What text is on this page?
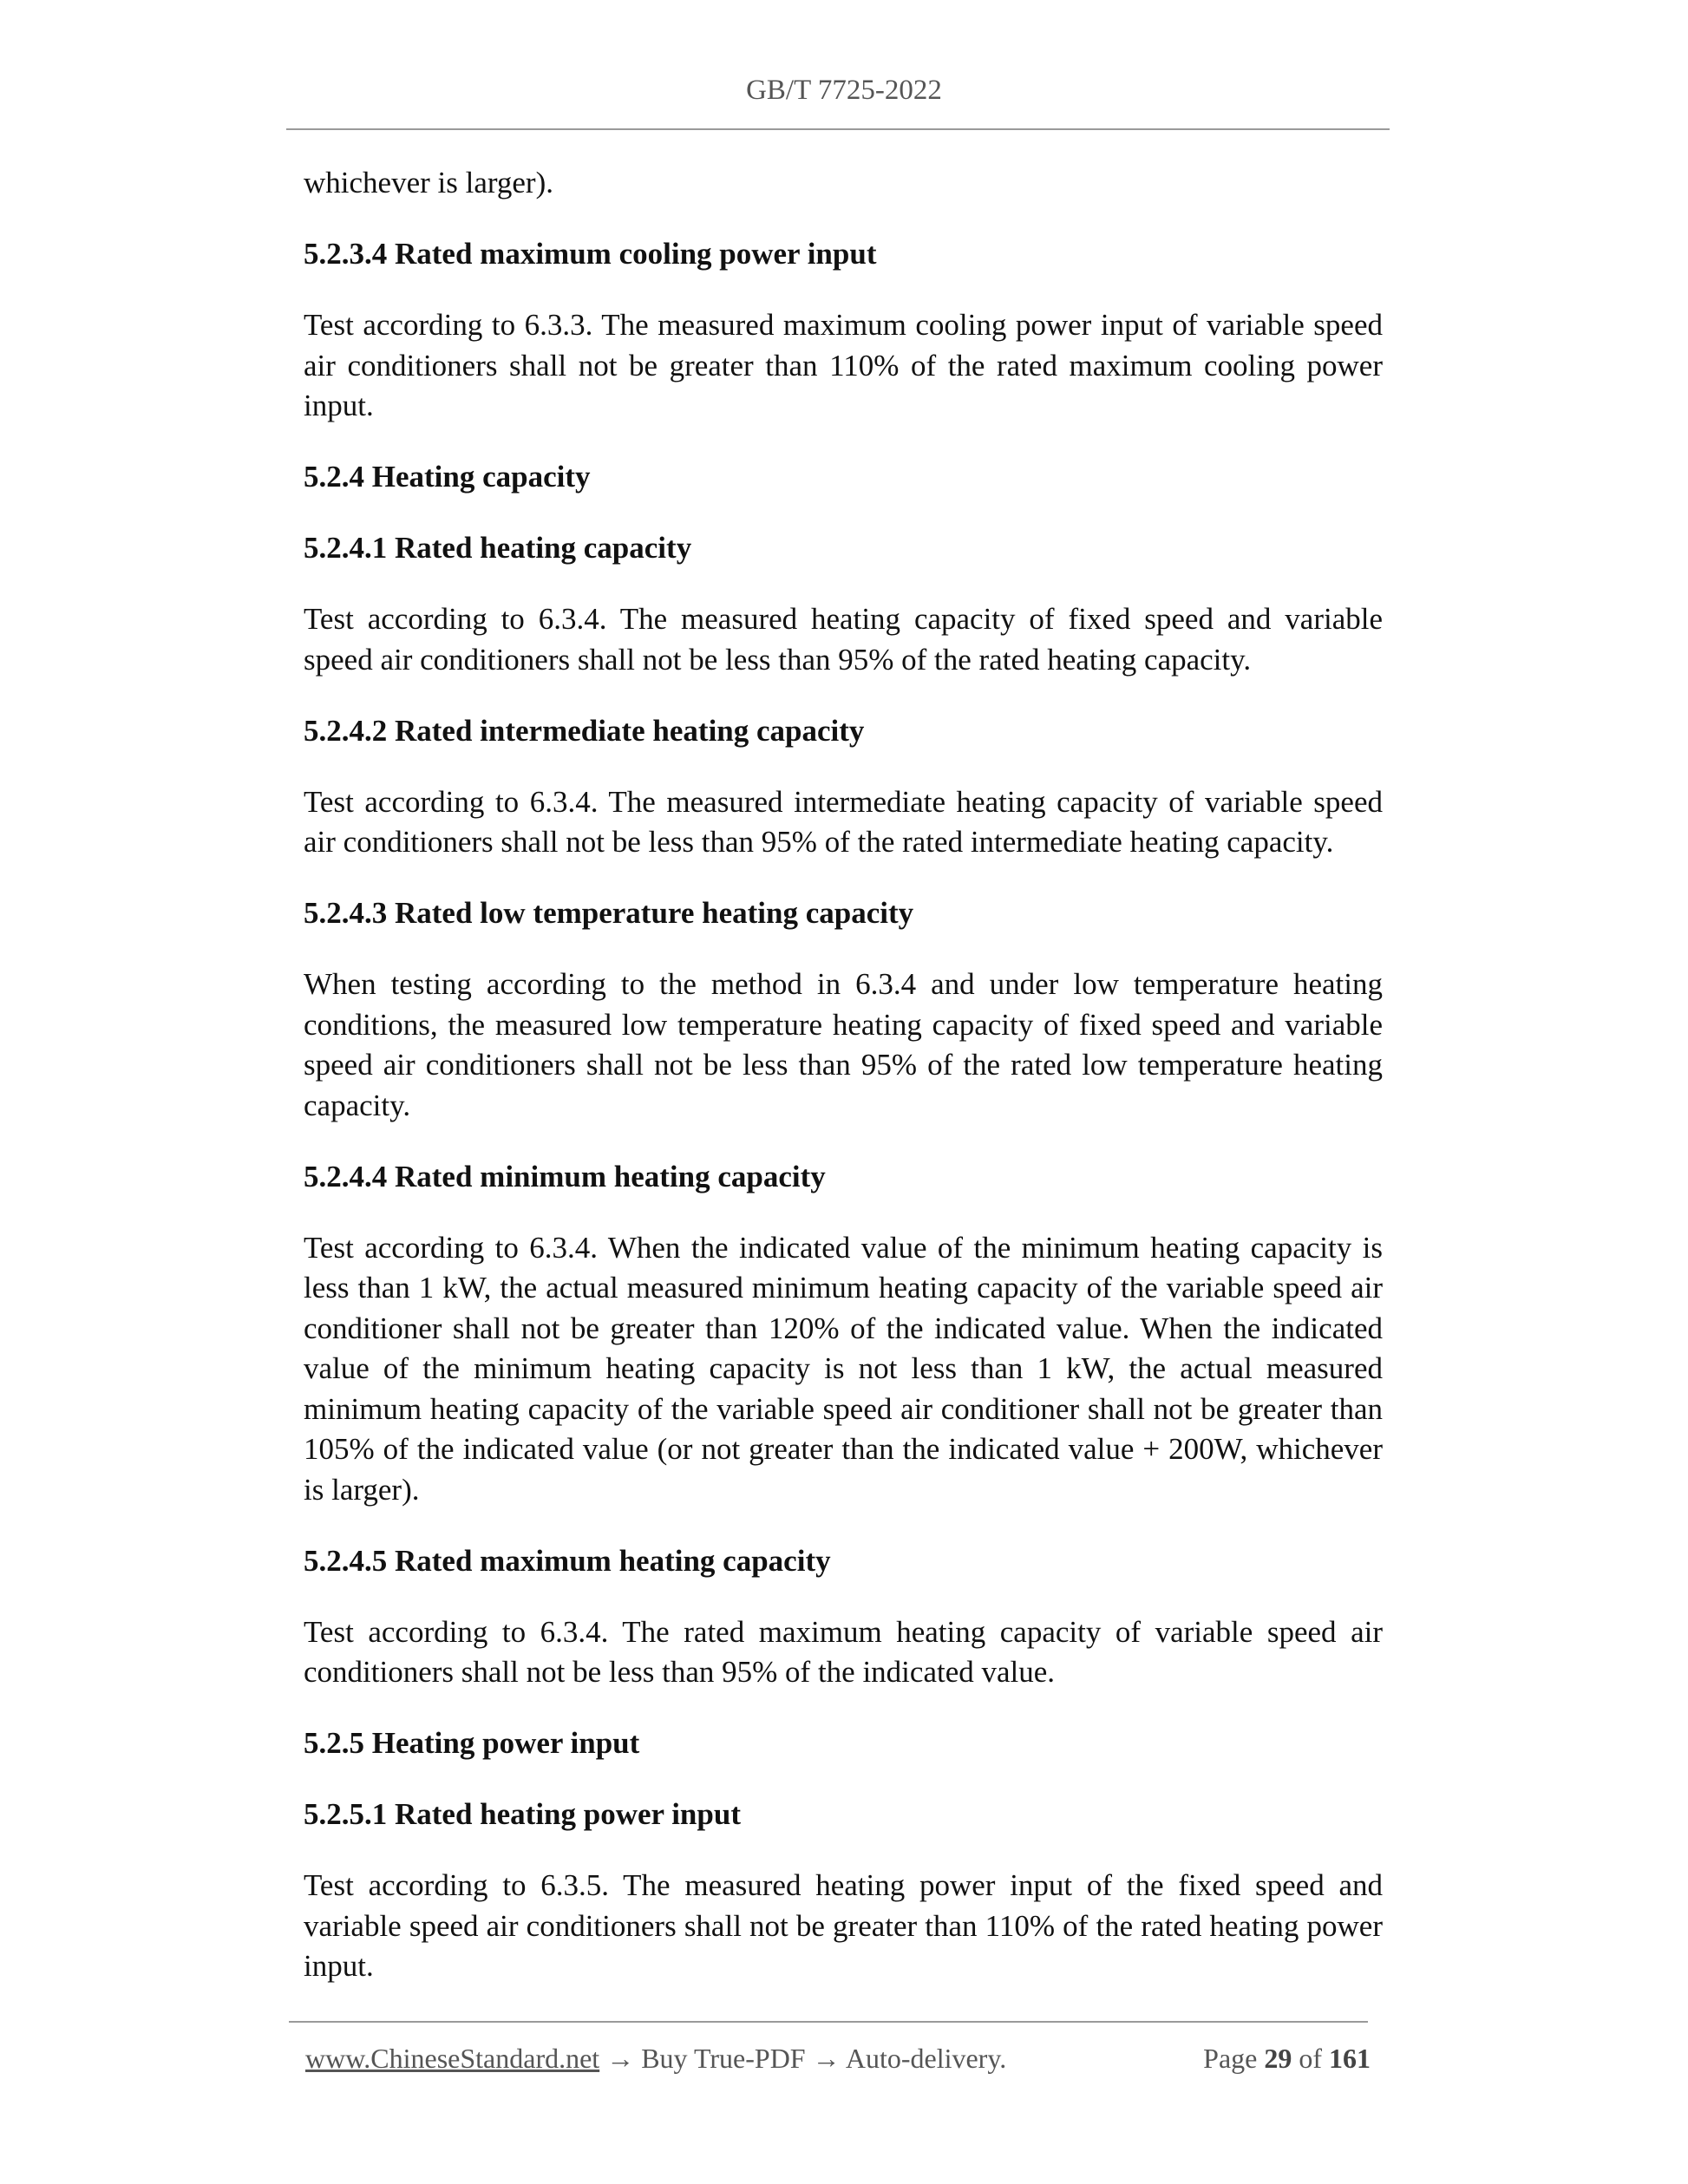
GB/T 7725-2022

whichever is larger).

5.2.3.4 Rated maximum cooling power input

Test according to 6.3.3. The measured maximum cooling power input of variable speed air conditioners shall not be greater than 110% of the rated maximum cooling power input.

5.2.4 Heating capacity

5.2.4.1 Rated heating capacity

Test according to 6.3.4. The measured heating capacity of fixed speed and variable speed air conditioners shall not be less than 95% of the rated heating capacity.

5.2.4.2 Rated intermediate heating capacity

Test according to 6.3.4. The measured intermediate heating capacity of variable speed air conditioners shall not be less than 95% of the rated intermediate heating capacity.

5.2.4.3 Rated low temperature heating capacity

When testing according to the method in 6.3.4 and under low temperature heating conditions, the measured low temperature heating capacity of fixed speed and variable speed air conditioners shall not be less than 95% of the rated low temperature heating capacity.

5.2.4.4 Rated minimum heating capacity

Test according to 6.3.4. When the indicated value of the minimum heating capacity is less than 1 kW, the actual measured minimum heating capacity of the variable speed air conditioner shall not be greater than 120% of the indicated value. When the indicated value of the minimum heating capacity is not less than 1 kW, the actual measured minimum heating capacity of the variable speed air conditioner shall not be greater than 105% of the indicated value (or not greater than the indicated value + 200W, whichever is larger).

5.2.4.5 Rated maximum heating capacity

Test according to 6.3.4. The rated maximum heating capacity of variable speed air conditioners shall not be less than 95% of the indicated value.

5.2.5 Heating power input

5.2.5.1 Rated heating power input

Test according to 6.3.5. The measured heating power input of the fixed speed and variable speed air conditioners shall not be greater than 110% of the rated heating power input.

www.ChineseStandard.net → Buy True-PDF → Auto-delivery.	Page 29 of 161
